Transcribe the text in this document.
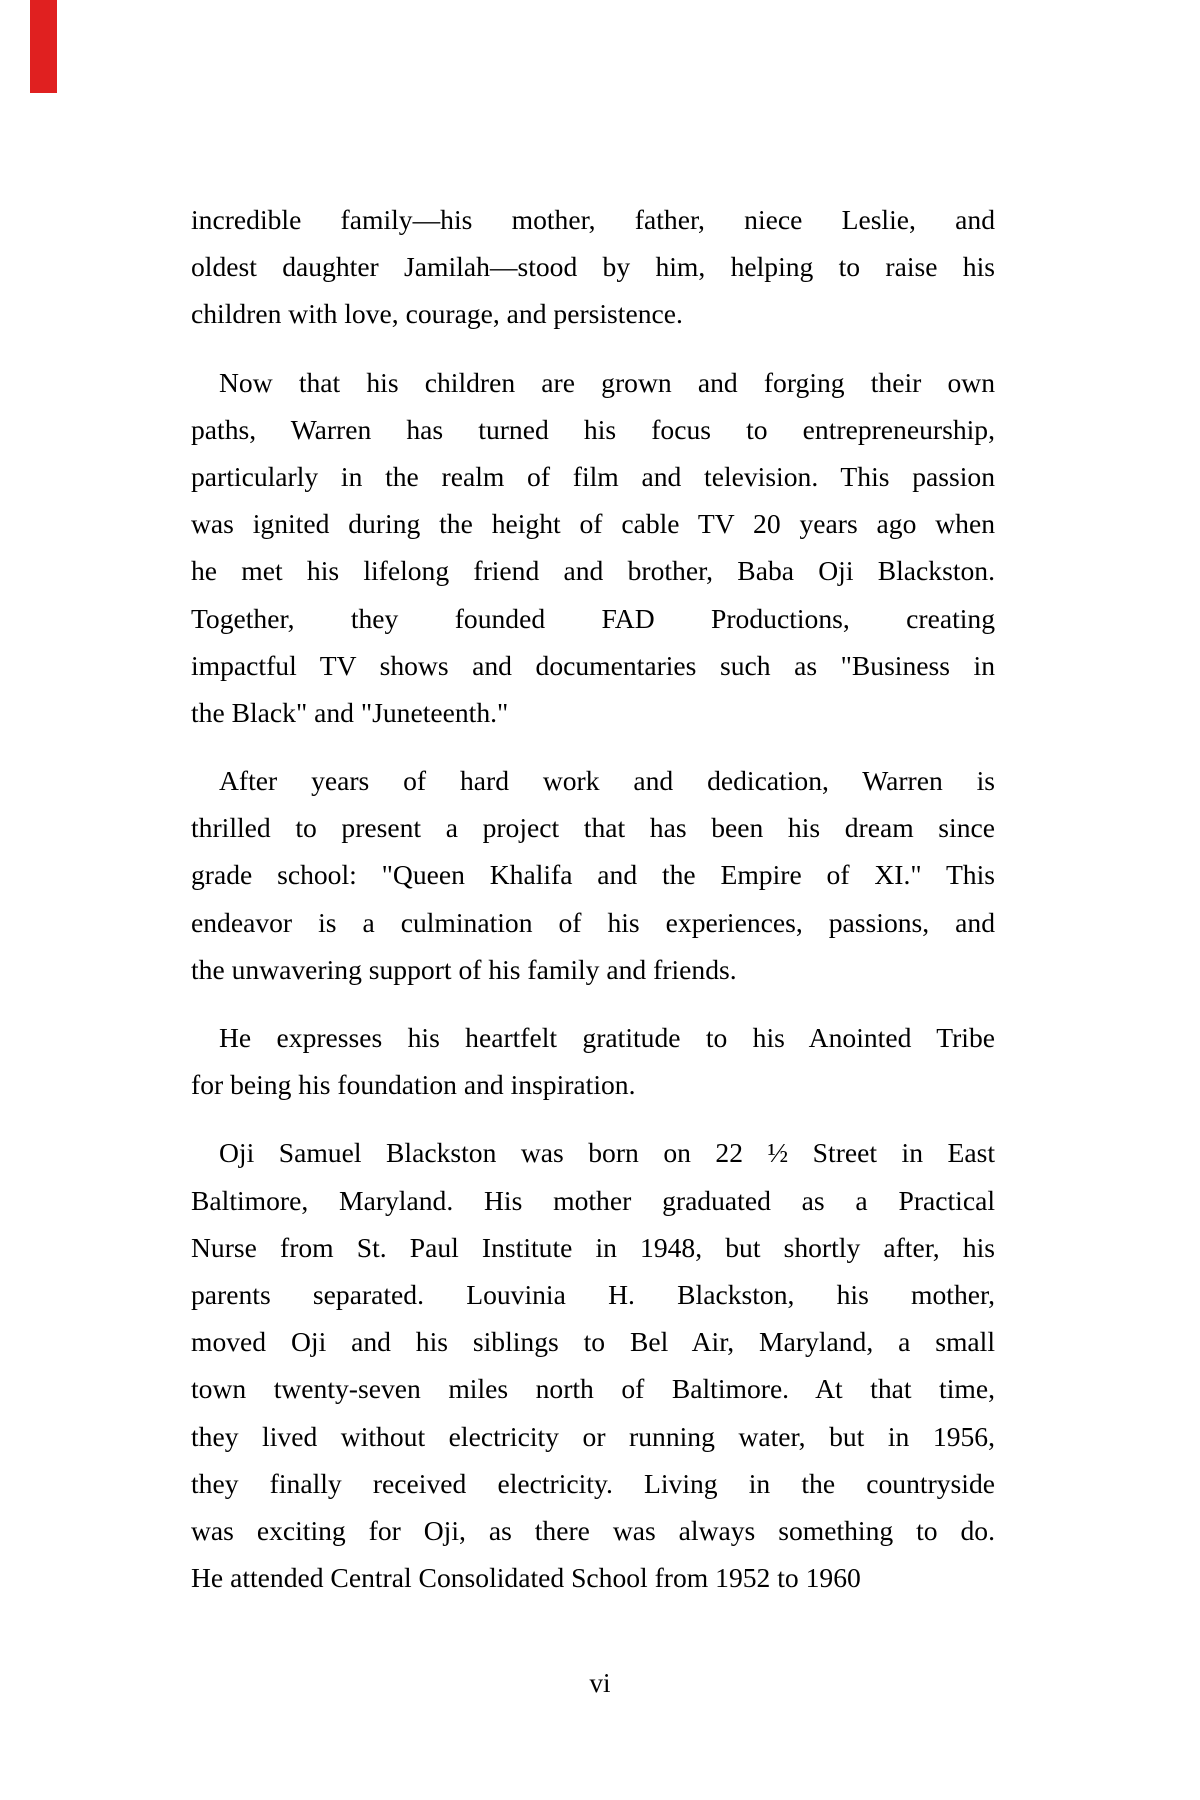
incredible family—his mother, father, niece Leslie, and
oldest daughter Jamilah—stood by him, helping to raise his
children with love, courage, and persistence.
Now that his children are grown and forging their own
paths, Warren has turned his focus to entrepreneurship,
particularly in the realm of film and television. This passion
was ignited during the height of cable TV 20 years ago when
he met his lifelong friend and brother, Baba Oji Blackston.
Together, they founded FAD Productions, creating
impactful TV shows and documentaries such as "Business in
the Black" and "Juneteenth."
After years of hard work and dedication, Warren is
thrilled to present a project that has been his dream since
grade school: "Queen Khalifa and the Empire of XI." This
endeavor is a culmination of his experiences, passions, and
the unwavering support of his family and friends.
He expresses his heartfelt gratitude to his Anointed Tribe
for being his foundation and inspiration.
Oji Samuel Blackston was born on 22 ½ Street in East
Baltimore, Maryland. His mother graduated as a Practical
Nurse from St. Paul Institute in 1948, but shortly after, his
parents separated. Louvinia H. Blackston, his mother,
moved Oji and his siblings to Bel Air, Maryland, a small
town twenty-seven miles north of Baltimore. At that time,
they lived without electricity or running water, but in 1956,
they finally received electricity. Living in the countryside
was exciting for Oji, as there was always something to do.
He attended Central Consolidated School from 1952 to 1960
vi
